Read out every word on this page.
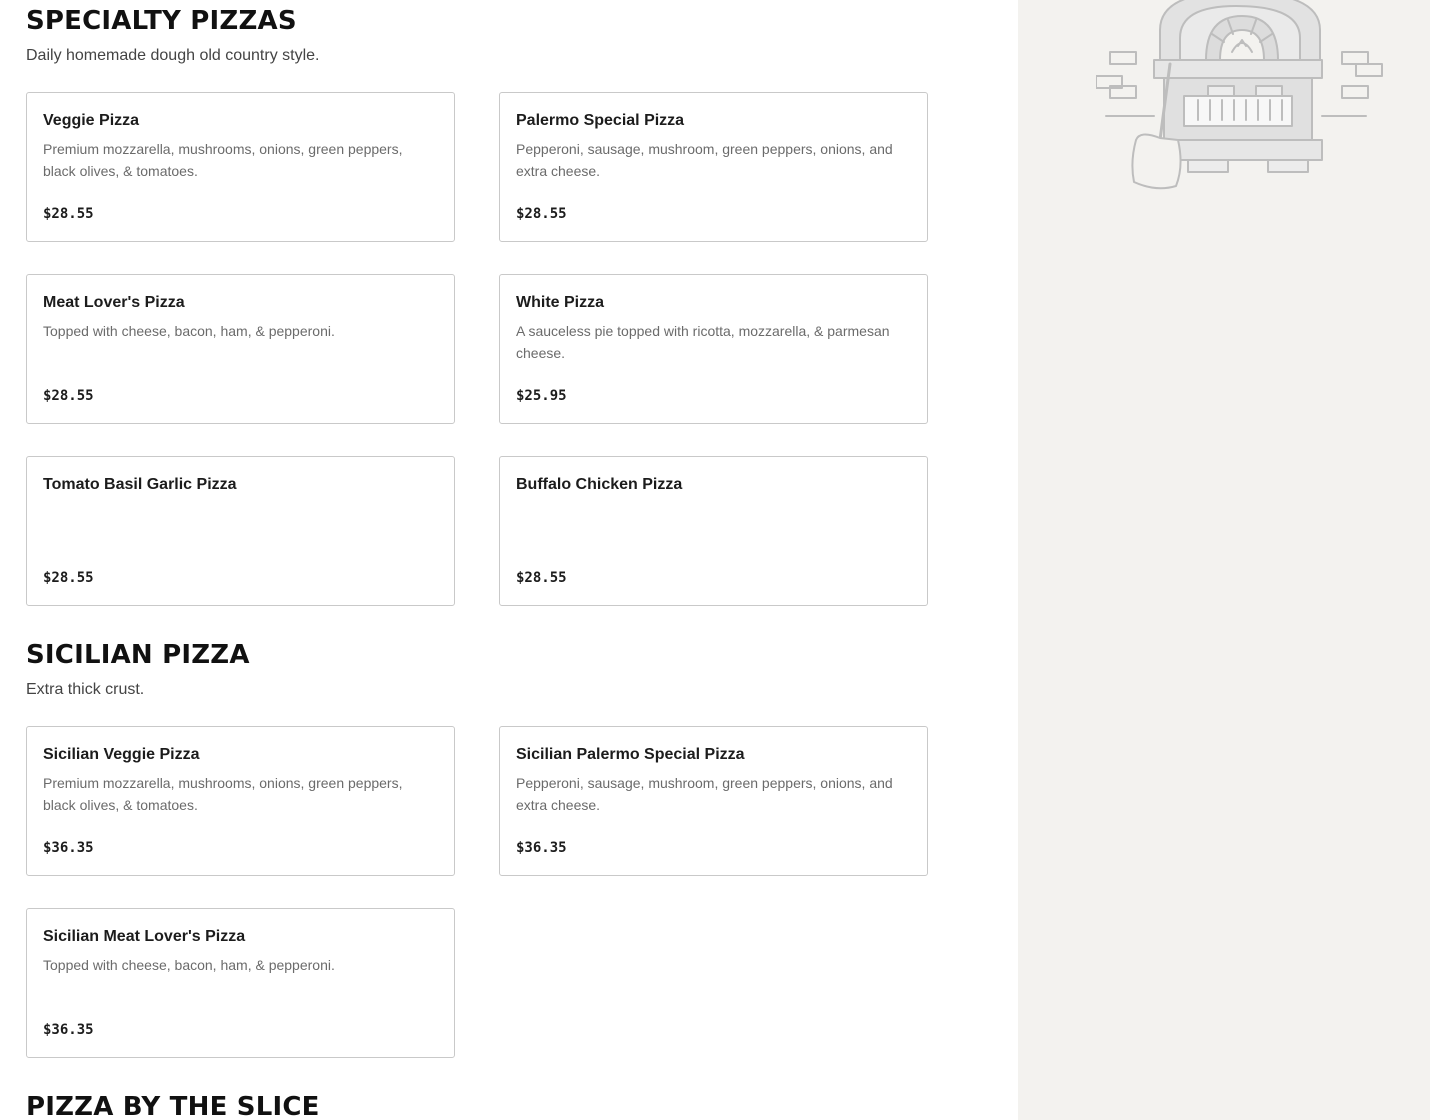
SPECIALTY PIZZAS
Daily homemade dough old country style.
Veggie Pizza
Premium mozzarella, mushrooms, onions, green peppers, black olives, & tomatoes.
$28.55
Palermo Special Pizza
Pepperoni, sausage, mushroom, green peppers, onions, and extra cheese.
$28.55
Meat Lover's Pizza
Topped with cheese, bacon, ham, & pepperoni.
$28.55
White Pizza
A sauceless pie topped with ricotta, mozzarella, & parmesan cheese.
$25.95
Tomato Basil Garlic Pizza
$28.55
Buffalo Chicken Pizza
$28.55
SICILIAN PIZZA
Extra thick crust.
Sicilian Veggie Pizza
Premium mozzarella, mushrooms, onions, green peppers, black olives, & tomatoes.
$36.35
Sicilian Palermo Special Pizza
Pepperoni, sausage, mushroom, green peppers, onions, and extra cheese.
$36.35
Sicilian Meat Lover's Pizza
Topped with cheese, bacon, ham, & pepperoni.
$36.35
PIZZA BY THE SLICE
